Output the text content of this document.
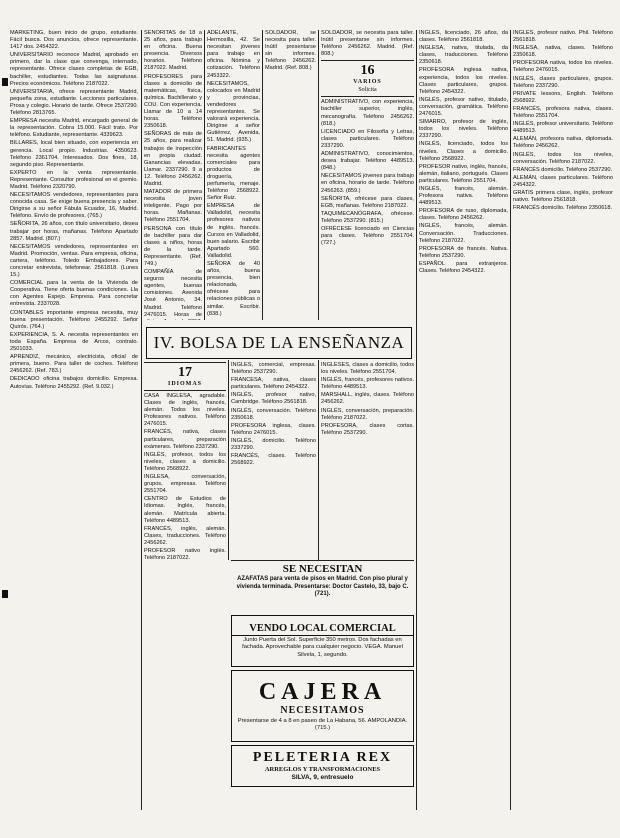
MARKETING, buen inicio de grupo, estudiante. Fácil busca. Dos anuncios, ofrece representante. 1417 dos. 2454322.

UNIVERSITARIO reconoce Madrid, aprobado en primero, dar la clase que convenga, internado, representante. Ofrece clases completas de EGB, bachiller, estudiantes. Todas las asignaturas. Precios económicos. Teléfono 2187022.

UNIVERSITARIA, ofrece representante Madrid, pequeña zona, estudiante. Lecciones particulares. Prosa y colegio. Horario de tarde. Ofrece 2537290. Teléfono 2813765.

EMPRESA necesita Madrid, encargado general de la representación. Cobra 15.000. Fácil trato. Por teléfono. Estudiante, representante. 4339623.

BILLARES, local bien situado, con experiencia en gerencia. Local propio. Industrias. 4350623. Teléfono 2361704. Interesados. Dos fines, 18, segundo piso. Representante.

EXPERTO en la venta representante. Representante. Consultor profesional en el gremio. Madrid. Teléfono 2320790.

NECESITAMOS vendedores, representantes para conocida casa. Se exige buena presencia y saber. Dirigirse a su señor Fábula Ecuador, 16, Madrid. Teléfono. Envío de profesores. (765.)

SEÑORITA, 26 años, con título universitario, desea trabajar por horas, mañanas. Teléfono Apartado 2857. Madrid. (807.)

NECESITAMOS vendedores, representantes en Madrid. Promoción, ventas. Para empresa, oficina, cartera, teléfono. Toledo Embajadores. Para concretar entrevista, telefonear. 2561818. (Lunes 15.)

COMERCIAL para la venta de la Vivienda de Cooperativa. Tiene oferta buenas condiciones. Lla con Agentes Espejo. Empresa. Para concretar entrevista. 2337028.

CONTABLES importante empresa necesita, muy buena presentación. Teléfono 2455292. Señor Quirós. (764.)

EXPERIENCIA, S. A. necesita representantes en toda España. Empresa de Arcos, contrato. 2501033.

APRENDIZ, mecánico, electricista, oficial de primera, bueno. Para taller de coches. Teléfono 2456262. (Ref. 783.)

DEDICADO oficina trabajos domicilio. Empresa. Autovías. Teléfono 2455292. (Ref. 9.032.)

SEÑORITAS de 18 a 25 años, para trabajo en oficina. Buena presencia. Diversos horarios. Teléfono 2187022. Madrid.

PROFESORES para clases a domicilio de matemáticas, física, química. Bachillerato y COU. Con experiencia. Llamar de 10 a 14 horas. Teléfono 2350618.

SEÑORAS de más de 25 años, para realizar trabajos de inspección en propia ciudad. Ganancias elevadas. Llamar. 2337290. 9 a 12. Teléfono 2456262. Madrid.

MATADOR de primera necesita joven inteligente. Pago por horas. Mañanas. Teléfono 2551704.

PERSONA con título de bachiller para dar clases a niños, horas de la tarde. Representante. (Ref. 749.)

COMPAÑÍA de seguros necesita agentes, buenas comisiones. Avenida José Antonio, 34. Madrid. Teléfono 2476015. Horas de

ADELANTE, Hermosilla, 42. Se necesitan jóvenes para trabajo en oficina. Nómina y cotización. Teléfono 2453322.

NECESITAMOS, colocados en Madrid y provincias, vendedores representantes. Se valorará experiencia. Dirigirse a señor Gutiérrez, Avenida, 51. Madrid. (935.)

FABRICANTES necesita agentes comerciales para productos de droguería, perfumería, menaje. Teléfono 2568922. Señor Ruiz.

EMPRESA de Valladolid, necesita profesores nativos de inglés, francés. Cursos en Valladolid, buen salario. Escribir Apartado 560. Valladolid.

SEÑORA de 40 años, buena presencia, bien relacionada, ofrécese para relaciones públicas o similar. Escribir. (838.)

SOLDADOR, se necesita para taller. Inútil presentarse sin informes. Teléfono 2456262. Madrid. (Ref. 808.)

SOLDADOR, se necesita para taller. Inútil presentarse sin informes. Teléfono 2456262. Madrid. (Ref. 808.)

16
VARIOS
Solicita

ADMINISTRATIVO, con experiencia, bachiller superior, inglés, mecanografía. Teléfono 2456262. (818.)

LICENCIADO en Filosofía y Letras, clases particulares. Teléfono 2337290.

ADMINISTRATIVO, conocimientos, desea trabajar. Teléfono 4489513. (848.)

NECESITAMOS jóvenes para trabajo en oficina, horario de tarde. Teléfono 2456263. (859.)

SEÑORITA, ofrécese para clases, EGB, mañanas. Teléfono 2187022.

TAQUIMECANÓGRAFA, ofrécese. Teléfono 2537290. (815.)

OFRÉCESE licenciado en Ciencias para clases. Teléfono 2551704. (727.)

IV. BOLSA DE LA ENSEÑANZA
17
IDIOMAS

CASA INGLESA, agradable. Clases de inglés, francés, alemán. Todos los niveles. Profesores nativos. Teléfono 2476015.

FRANCÉS, nativa, clases particulares, preparación exámenes. Teléfono 2337290.

INGLÉS, profesor, todos los niveles, clases a domicilio. Teléfono 2568922.

INGLESA, conversación, grupos, empresas. Teléfono 2551704.

CENTRO de Estudios de Idiomas. Inglés, francés, alemán. Matrícula abierta. Teléfono 4489513.

FRANCÉS, inglés, alemán. Clases, traducciones. Teléfono 2456262.

PROFESOR nativo inglés. Teléfono 2187022.

INGLÉS, comercial, empresas. Teléfono 2537290.

FRANCESA, nativa, clases particulares. Teléfono 2454322.

INGLÉS, profesor nativo, Cambridge. Teléfono 2561818.

INGLÉS, conversación. Teléfono 2350618.

PROFESORA inglesa, clases. Teléfono 2476015.

INGLÉS, domicilio. Teléfono 2337290.

FRANCÉS, clases. Teléfono 2568922.

INGLESES, clases a domicilio, todos los niveles. Teléfono 2551704.

INGLÉS, francés, profesores nativos. Teléfono 4489513.

MARSHALL, inglés, clases. Teléfono 2456262.

INGLÉS, conversación, preparación. Teléfono 2187022.

PROFESORA, clases cortas. Teléfono 2537290.

SE NECESITAN
AZAFATAS para venta de pisos en Madrid. Con piso plural y vivienda terminada. Presentarse: Doctor Castelo, 33, bajo C. (721).
VENDO LOCAL COMERCIAL
Junto Puerta del Sol. Superficie 350 metros. Dos fachadas en fachada. Aprovechable para cualquier negocio. VEGA. Manuel Silvela, 1, segundo.
CAJERA
NECESITAMOS
Presentarse de 4 a 8 en paseo de La Habana, 56. AMPOLANDIA. (715.)
PELETERIA REX
ARREGLOS Y TRANSFORMACIONES
SILVA, 9, entresuelo

INGLÉS, licenciado, 26 años, da clases. Teléfono 2561818.

INGLESA, nativa, titulada, da clases, traducciones. Teléfono 2350618.

PROFESORA inglesa nativa, experiencia, todos los niveles. Clases particulares, grupos. Teléfono 2454322.

INGLÉS, profesor nativo, titulado, conversación, gramática. Teléfono 2476015.

SIMARRO, profesor de inglés, todos los niveles. Teléfono 2337290.

INGLÉS, licenciado, todos los niveles. Clases a domicilio. Teléfono 2568922.

PROFESOR nativo, inglés, francés, alemán, italiano, portugués. Clases particulares. Teléfono 2551704.

INGLÉS, francés, alemán. Profesora nativa. Teléfono 4489513.

PROFESORA de ruso, diplomada, clases. Teléfono 2456262.

INGLÉS, francés, alemán. Conversación. Traducciones. Teléfono 2187022.

PROFESORA de francés. Nativa. Teléfono 2537290.

ESPAÑOL para extranjeros. Clases. Teléfono 2454322.

INGLÉS, profesor nativo. Phil. Teléfono 2561818.

INGLESA, nativa, clases. Teléfono 2350618.

PROFESORA nativa, todos los niveles. Teléfono 2476015.

INGLÉS, clases particulares, grupos. Teléfono 2337290.

PRIVATE lessons, English. Teléfono 2568922.

FRANCÉS, profesora nativa, clases. Teléfono 2551704.

INGLÉS, profesor universitario. Teléfono 4489513.

ALEMÁN, profesora nativa, diplomada. Teléfono 2456262.

INGLÉS, todos los niveles, conversación. Teléfono 2187022.

FRANCÉS domicilio. Teléfono 2537290.

ALEMÁN, clases particulares. Teléfono 2454322.

GRATIS primera clase, inglés, profesor nativo. Teléfono 2561818.

FRANCÉS domicilio. Teléfono 2350618.
